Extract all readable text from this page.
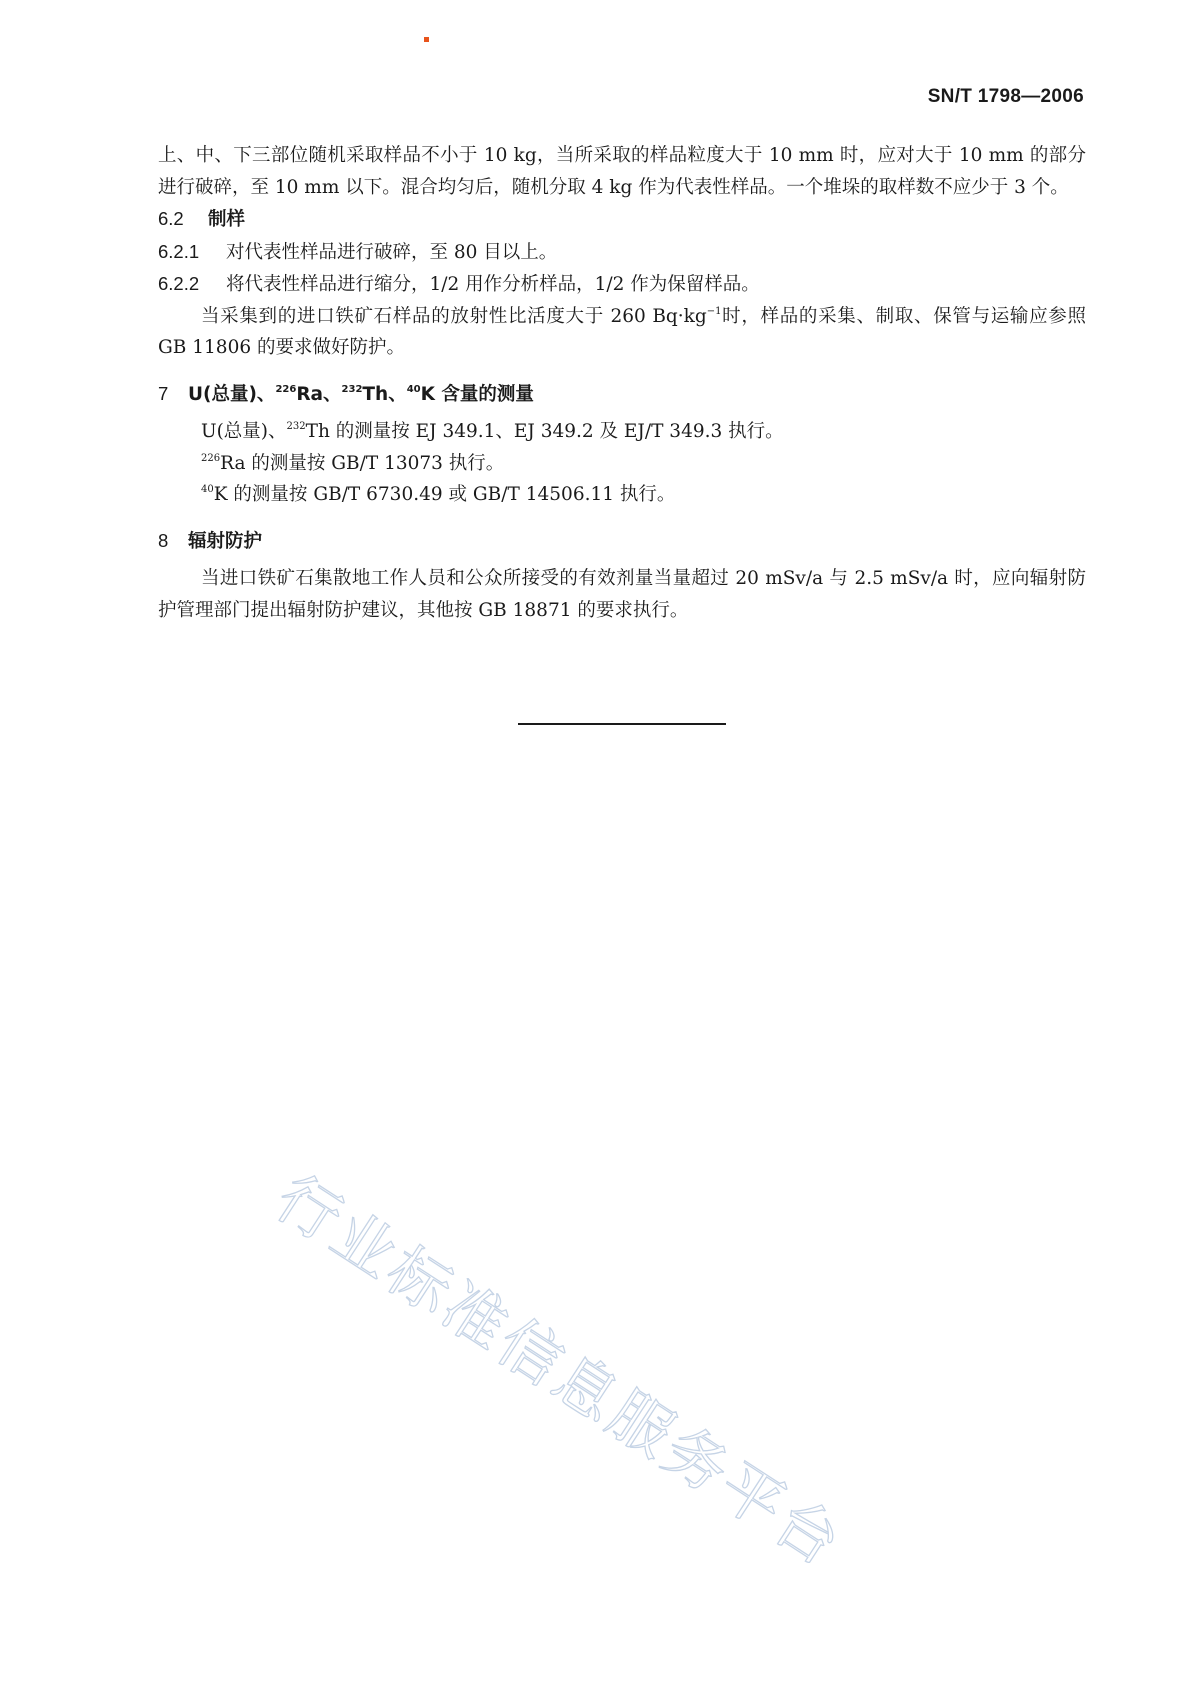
SN/T 1798—2006

上、中、下三部位随机采取样品不小于 10 kg，当所采取的样品粒度大于 10 mm 时，应对大于 10 mm 的部分进行破碎，至 10 mm 以下。混合均匀后，随机分取 4 kg 作为代表性样品。一个堆垛的取样数不应少于 3 个。

6.2 制样

6.2.1 对代表性样品进行破碎，至 80 目以上。

6.2.2 将代表性样品进行缩分，1/2 用作分析样品，1/2 作为保留样品。

当采集到的进口铁矿石样品的放射性比活度大于 260 $Bq\cdot kg^{-1}$时，样品的采集、制取、保管与运输应参照 GB 11806 的要求做好防护。

7 U(总量)、$^{226}$Ra、$^{232}$Th、$^{40}$K 含量的测量

U(总量)、$^{232}$Th 的测量按 EJ 349.1、EJ 349.2 及 EJ/T 349.3 执行。

$^{226}$Ra 的测量按 GB/T 13073 执行。

$^{40}$K 的测量按 GB/T 6730.49 或 GB/T 14506.11 执行。

8 辐射防护

当进口铁矿石集散地工作人员和公众所接受的有效剂量当量超过 20 mSv/a 与 2.5 mSv/a 时，应向辐射防护管理部门提出辐射防护建议，其他按 GB 18871 的要求执行。

行业标准信息服务平台
